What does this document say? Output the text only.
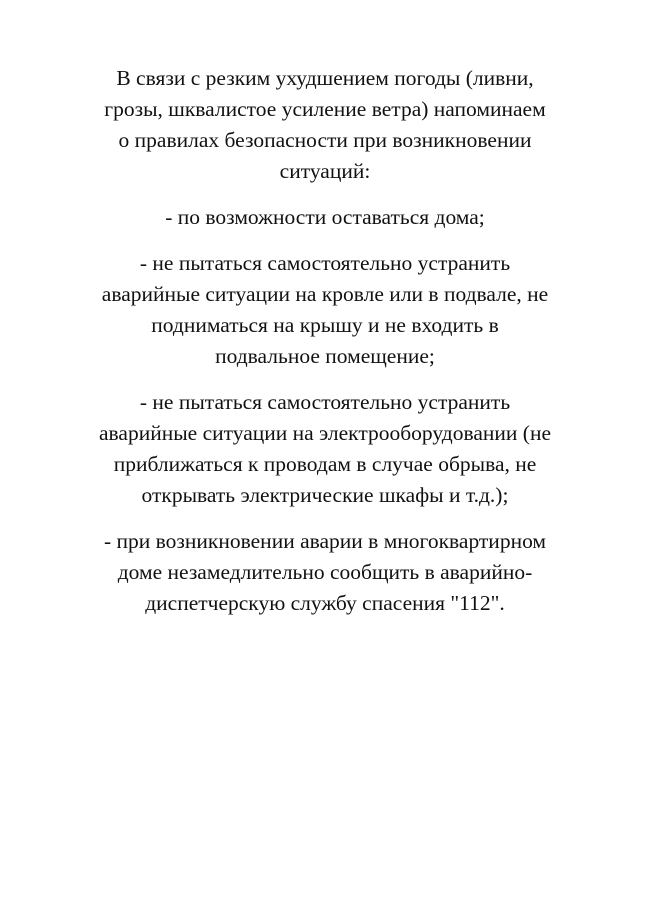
В связи с резким ухудшением погоды (ливни,
грозы, шквалистое усиление ветра) напоминаем
о правилах безопасности при возникновении
ситуаций:

- по возможности оставаться дома;

- не пытаться самостоятельно устранить
аварийные ситуации на кровле или в подвале, не
подниматься на крышу и не входить в
подвальное помещение;

- не пытаться самостоятельно устранить
аварийные ситуации на электрооборудовании (не
приближаться к проводам в случае обрыва, не
открывать электрические шкафы и т.д.);

- при возникновении аварии в многоквартирном
доме незамедлительно сообщить в аварийно-
диспетчерскую службу спасения "112".
